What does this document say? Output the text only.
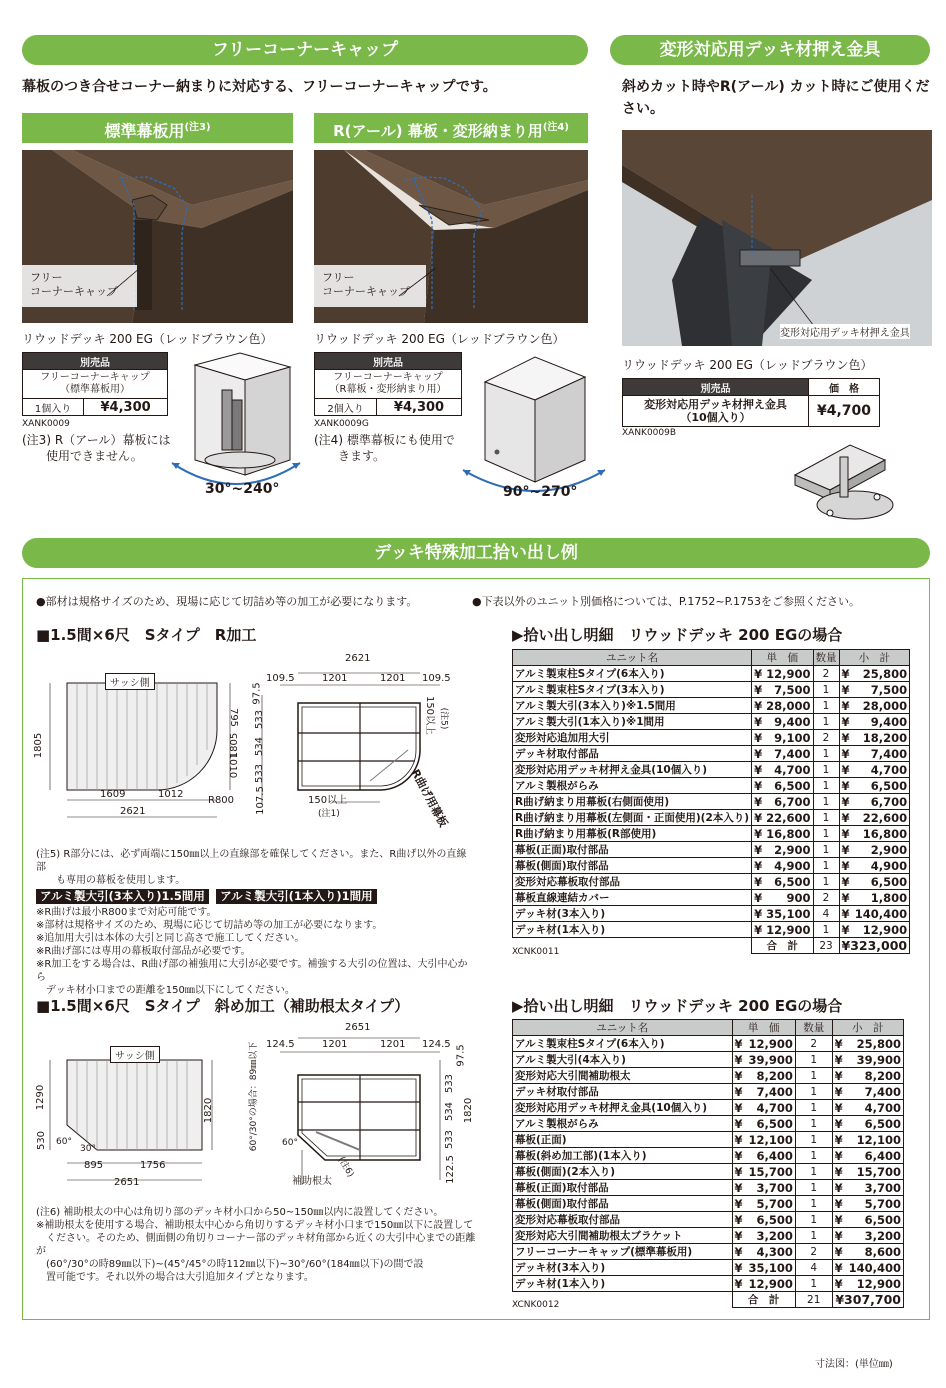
フリーコーナーキャップ
幕板のつき合せコーナー納まりに対応する、フリーコーナーキャップです。
標準幕板用$^{(注3)}$	R(アール) 幕板・変形納まり用$^{(注4)}$
フリー
コーナーキャップ
リウッドデッキ 200 EG（レッドブラウン色）
別売品
フリーコーナーキャップ
（標準幕板用）
1個入り	¥4,300
XANK0009
(注3) R（アール）幕板には
　　使用できません。
30°~240°
フリー
コーナーキャップ
リウッドデッキ 200 EG（レッドブラウン色）
別売品
フリーコーナーキャップ
（R幕板・変形納まり用）
2個入り	¥4,300
XANK0009G
(注4) 標準幕板にも使用で
　　きます。
90°~270°
変形対応用デッキ材押え金具
斜めカット時やR(アール) カット時にご使用ください。
変形対応用デッキ材押え金具
リウッドデッキ 200 EG（レッドブラウン色）
別売品	価　格
変形対応用デッキ材押え金具
（10個入り）	¥4,700
XANK0009B
デッキ特殊加工拾い出し例
●部材は規格サイズのため、現場に応じて切詰め等の加工が必要になります。	●下表以外のユニット別価格については、P.1752~P.1753をご参照ください。
■1.5間×6尺　Sタイプ　R加工
サッシ側
1805
795
1010
1609	1012
R800
2621
2621
109.5	1201	1201 109.5
97.5
533
534
533
107.5
1805
150以上 (注5)
150以上
(注1)	R曲げ用幕板
(注5) R部分には、必ず両端に150㎜以上の直線部を確保してください。また、R曲げ以外の直線部
　　も専用の幕板を使用します。
アルミ製大引(3本入り)1.5間用 アルミ製大引(1本入り)1間用
※R曲げは最小R800まで対応可能です。
※部材は規格サイズのため、現場に応じて切詰め等の加工が必要になります。
※追加用大引は本体の大引と同じ高さで施工してください。
※R曲げ部には専用の幕板取付部品が必要です。
※R加工をする場合は、R曲げ部の補強用に大引が必要です。補強する大引の位置は、大引中心から
　デッキ材小口までの距離を150㎜以下にしてください。
▶拾い出し明細　リウッドデッキ 200 EGの場合
ユニット名	単　価		数量	小　計	
アルミ製束柱Sタイプ(6本入り)	¥	12,900	2	¥	25,800
アルミ製束柱Sタイプ(3本入り)	¥	7,500	1	¥	7,500
アルミ製大引(3本入り)※1.5間用	¥	28,000	1	¥	28,000
アルミ製大引(1本入り)※1間用	¥	9,400	1	¥	9,400
変形対応追加用大引	¥	9,100	2	¥	18,200
デッキ材取付部品	¥	7,400	1	¥	7,400
変形対応用デッキ材押え金具(10個入り)	¥	4,700	1	¥	4,700
アルミ製根がらみ	¥	6,500	1	¥	6,500
R曲げ納まり用幕板(右側面使用)	¥	6,700	1	¥	6,700
R曲げ納まり用幕板(左側面・正面使用)(2本入り)	¥	22,600	1	¥	22,600
R曲げ納まり用幕板(R部使用)	¥	16,800	1	¥	16,800
幕板(正面)取付部品	¥	2,900	1	¥	2,900
幕板(側面)取付部品	¥	4,900	1	¥	4,900
変形対応幕板取付部品	¥	6,500	1	¥	6,500
幕板直線連結カバー	¥	900	2	¥	1,800
デッキ材(3本入り)	¥	35,100	4	¥	140,400
デッキ材(1本入り)	¥	12,900	1	¥	12,900
	合　計		23	¥323,000	
XCNK0011
■1.5間×6尺　Sタイプ　斜め加工（補助根太タイプ）
サッシ側
1290
530
1820
60°
30°
895	1756
2651
2651
124.5	1201	1201 124.5 97.5
533
534
533
122.5
1820
60°/30°の場合：89㎜以下	60°
(注6)
補助根太
(注6) 補助根太の中心は角切り部のデッキ材小口から50~150㎜以内に設置してください。
※補助根太を使用する場合、補助根太中心から角切りするデッキ材小口まで150㎜以下に設置して
　ください。そのため、側面側の角切りコーナー部のデッキ材角部から近くの大引中心までの距離が
　(60°/30°の時89㎜以下)~(45°/45°の時112㎜以下)~30°/60°(184㎜以下)の間で設
　置可能です。それ以外の場合は大引追加タイプとなります。
▶拾い出し明細　リウッドデッキ 200 EGの場合
ユニット名	単　価		数量	小　計	
アルミ製束柱Sタイプ(6本入り)	¥	12,900	2	¥	25,800
アルミ製大引(4本入り)	¥	39,900	1	¥	39,900
変形対応大引間補助根太	¥	8,200	1	¥	8,200
デッキ材取付部品	¥	7,400	1	¥	7,400
変形対応用デッキ材押え金具(10個入り)	¥	4,700	1	¥	4,700
アルミ製根がらみ	¥	6,500	1	¥	6,500
幕板(正面)	¥	12,100	1	¥	12,100
幕板(斜め加工部)(1本入り)	¥	6,400	1	¥	6,400
幕板(側面)(2本入り)	¥	15,700	1	¥	15,700
幕板(正面)取付部品	¥	3,700	1	¥	3,700
幕板(側面)取付部品	¥	5,700	1	¥	5,700
変形対応幕板取付部品	¥	6,500	1	¥	6,500
変形対応大引間補助根太ブラケット	¥	3,200	1	¥	3,200
フリーコーナーキャップ(標準幕板用)	¥	4,300	2	¥	8,600
デッキ材(3本入り)	¥	35,100	4	¥	140,400
デッキ材(1本入り)	¥	12,900	1	¥	12,900
	合　計		21	¥307,700	
XCNK0012
寸法図：(単位㎜)
